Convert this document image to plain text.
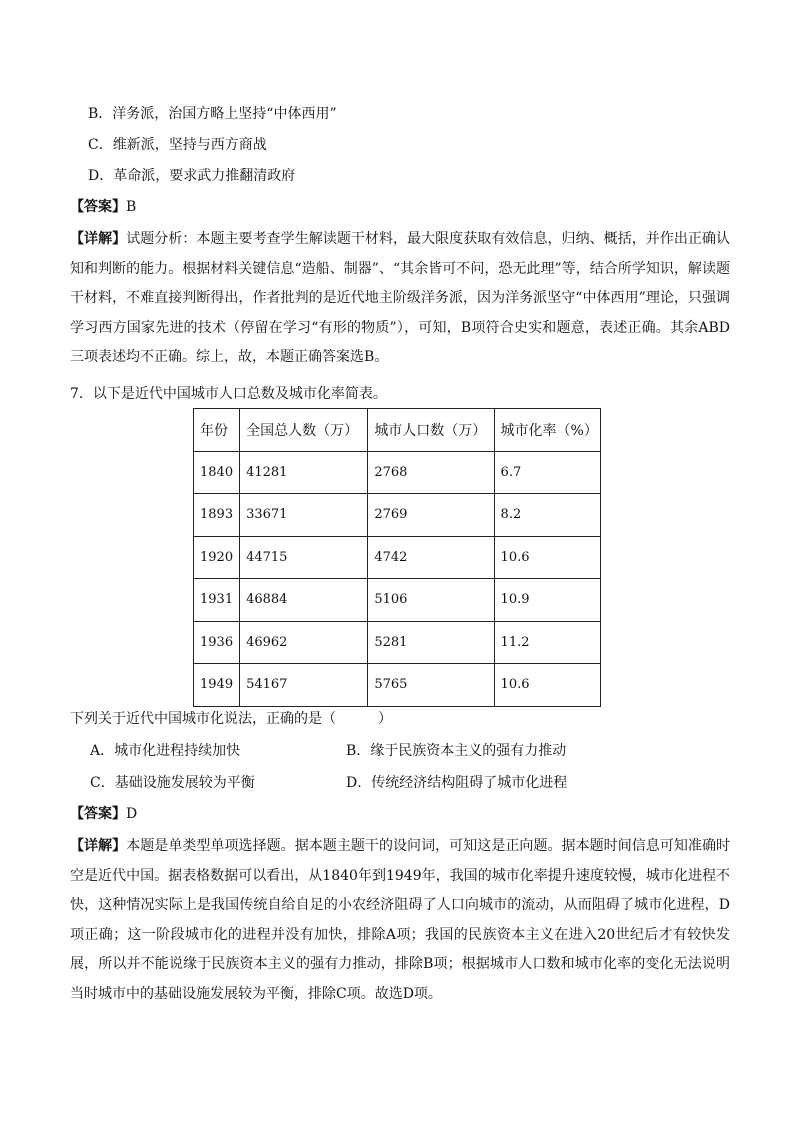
B．洋务派，治国方略上坚持“中体西用”
C．维新派，坚持与西方商战
D．革命派，要求武力推翻清政府
【答案】B
【详解】试题分析：本题主要考查学生解读题干材料，最大限度获取有效信息，归纳、概括，并作出正确认知和判断的能力。根据材料关键信息“造船、制器”、“其余皆可不问，恐无此理”等，结合所学知识，解读题干材料，不难直接判断得出，作者批判的是近代地主阶级洋务派，因为洋务派坚守“中体西用”理论，只强调学习西方国家先进的技术（停留在学习“有形的物质”），可知，B项符合史实和题意，表述正确。其余ABD三项表述均不正确。综上，故，本题正确答案选B。
7．以下是近代中国城市人口总数及城市化率简表。
年份	全国总人数（万）	城市人口数（万）	城市化率（%）
1840	41281	2768	6.7
1893	33671	2769	8.2
1920	44715	4742	10.6
1931	46884	5106	10.9
1936	46962	5281	11.2
1949	54167	5765	10.6
下列关于近代中国城市化说法，正确的是（　　　）
A．城市化进程持续加快	B．缘于民族资本主义的强有力推动
C．基础设施发展较为平衡	D．传统经济结构阻碍了城市化进程
【答案】D
【详解】本题是单类型单项选择题。据本题主题干的设问词，可知这是正向题。据本题时间信息可知准确时空是近代中国。据表格数据可以看出，从1840年到1949年，我国的城市化率提升速度较慢，城市化进程不快，这种情况实际上是我国传统自给自足的小农经济阻碍了人口向城市的流动，从而阻碍了城市化进程，D项正确；这一阶段城市化的进程并没有加快，排除A项；我国的民族资本主义在进入20世纪后才有较快发展，所以并不能说缘于民族资本主义的强有力推动，排除B项；根据城市人口数和城市化率的变化无法说明当时城市中的基础设施发展较为平衡，排除C项。故选D项。
